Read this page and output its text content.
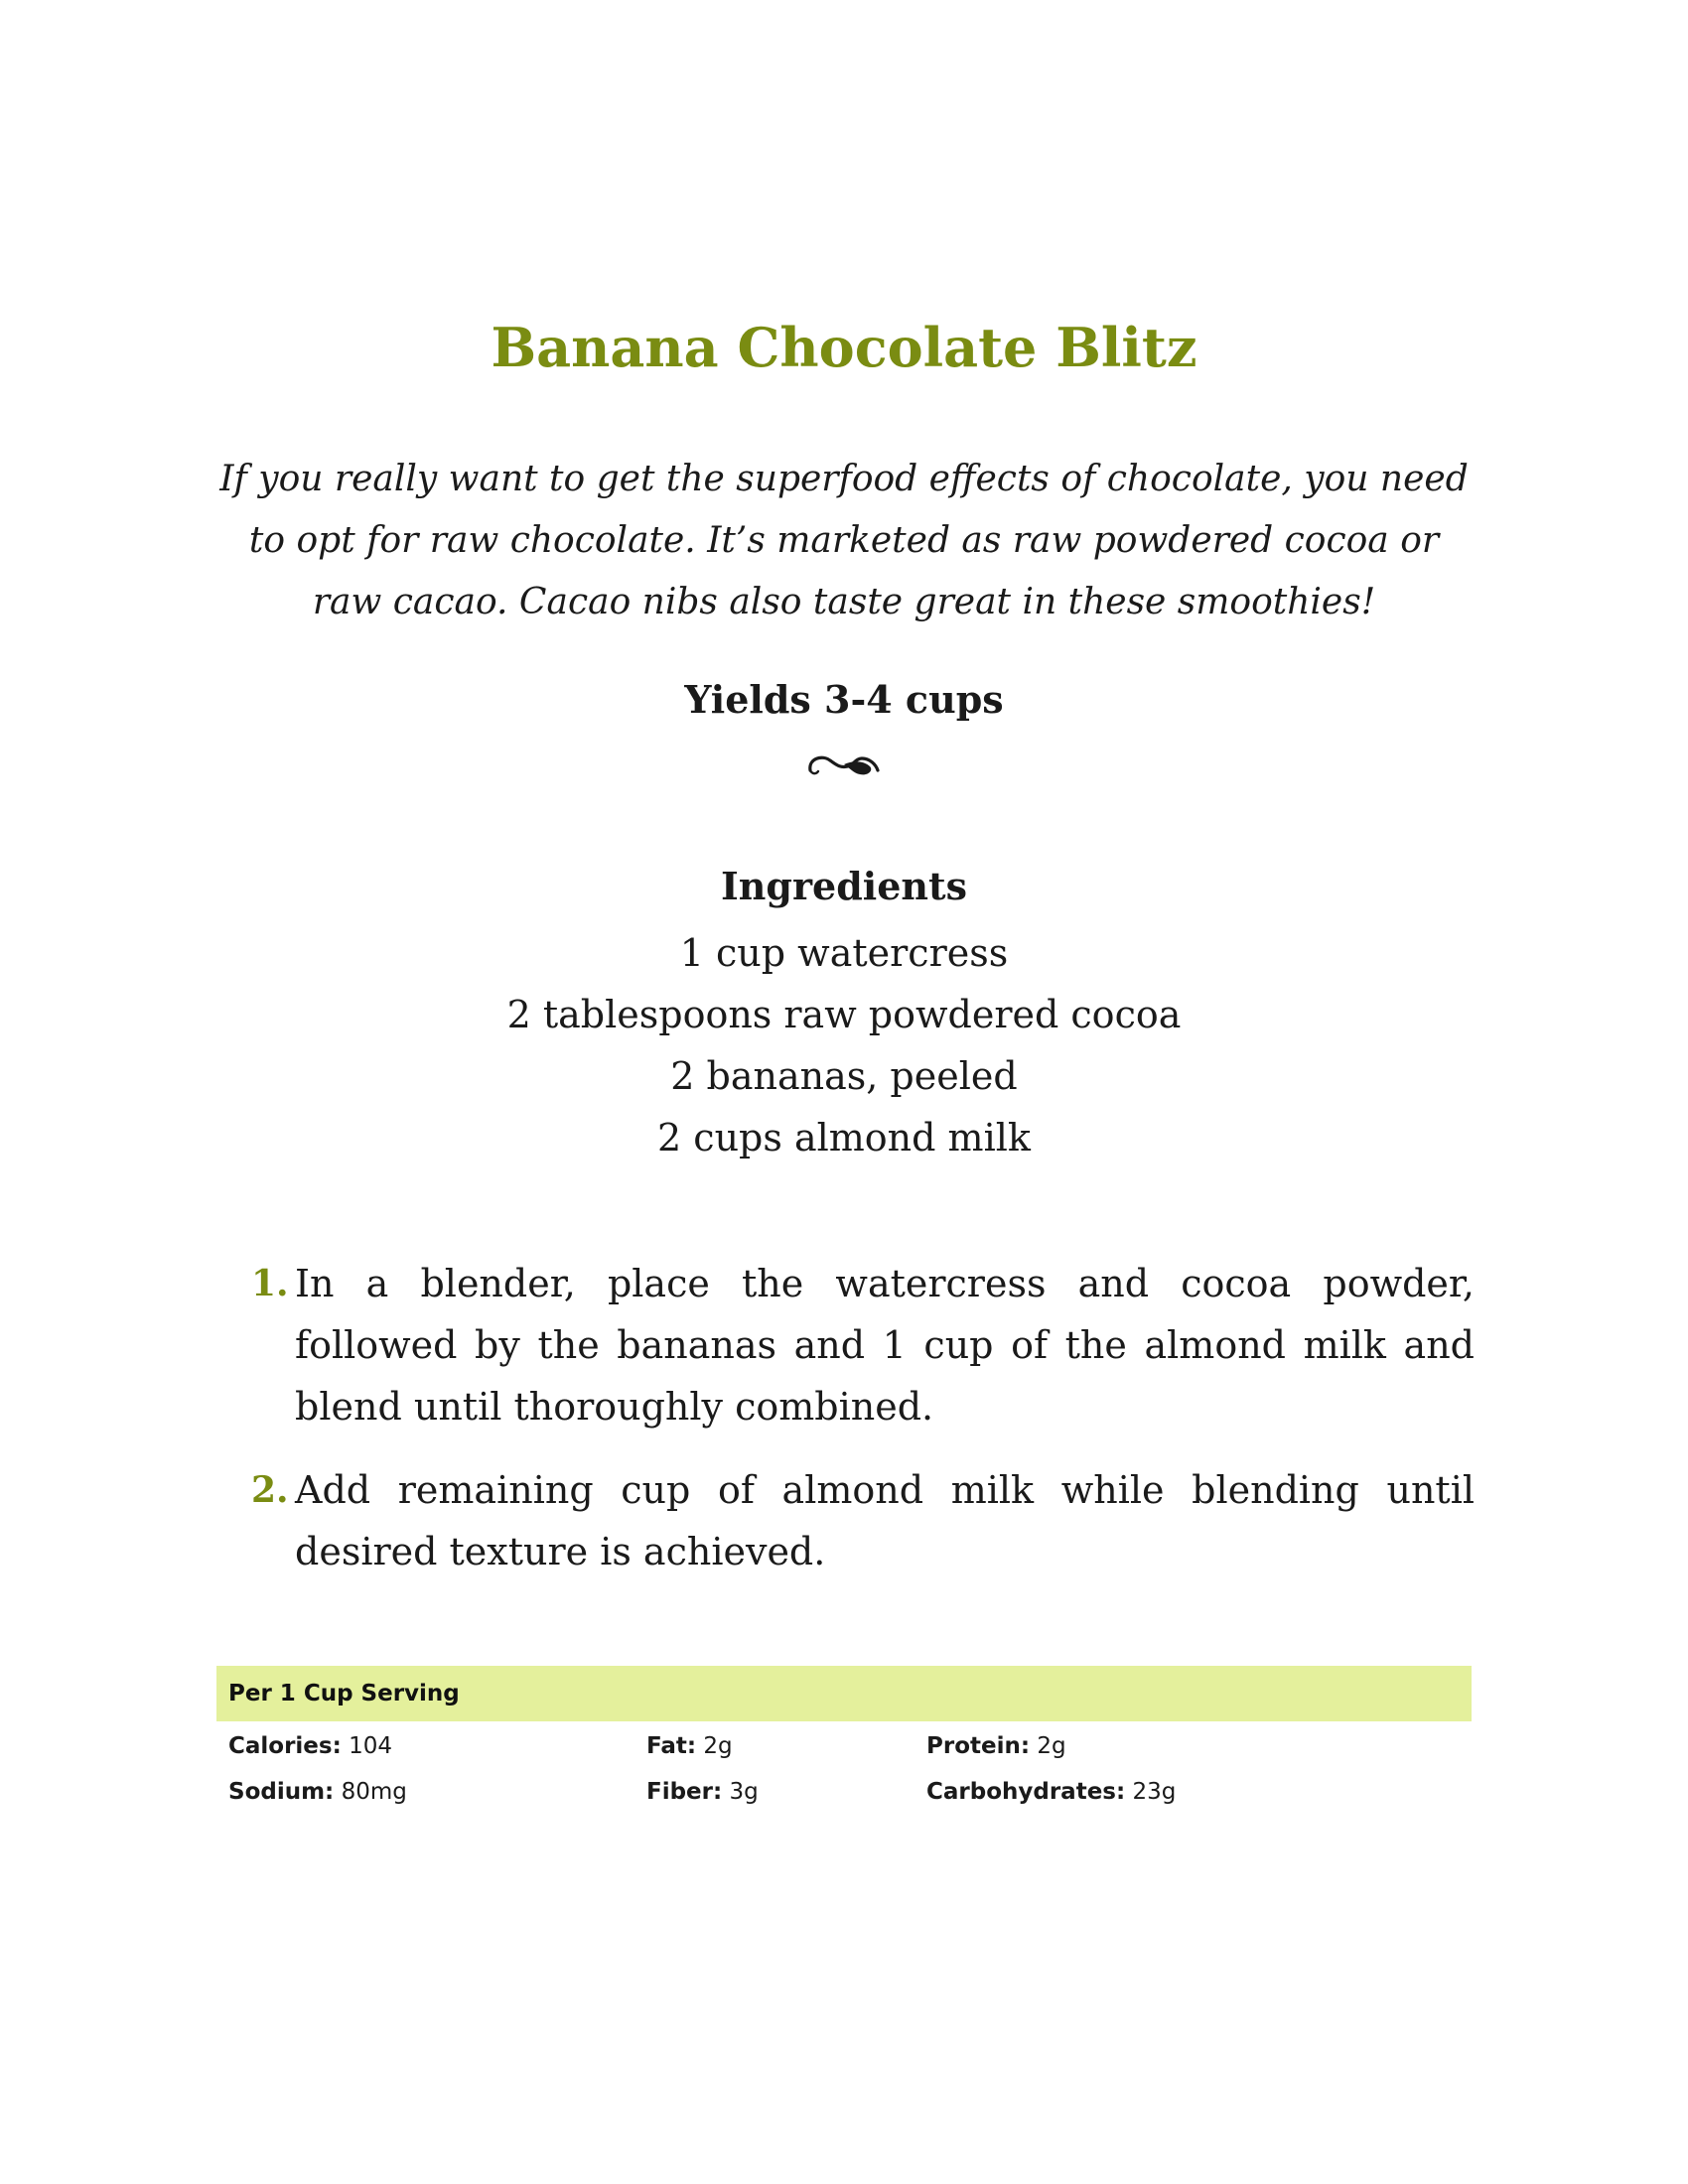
Banana Chocolate Blitz
If you really want to get the superfood effects of chocolate, you need to opt for raw chocolate. It’s marketed as raw powdered cocoa or raw cacao. Cacao nibs also taste great in these smoothies!
Yields 3-4 cups
Ingredients
1 cup watercress
2 tablespoons raw powdered cocoa
2 bananas, peeled
2 cups almond milk
1. In a blender, place the watercress and cocoa powder, followed by the bananas and 1 cup of the almond milk and blend until thoroughly combined.
2. Add remaining cup of almond milk while blending until desired texture is achieved.
Per 1 Cup Serving
Calories: 104	Fat: 2g	Protein: 2g
Sodium: 80mg	Fiber: 3g	Carbohydrates: 23g
